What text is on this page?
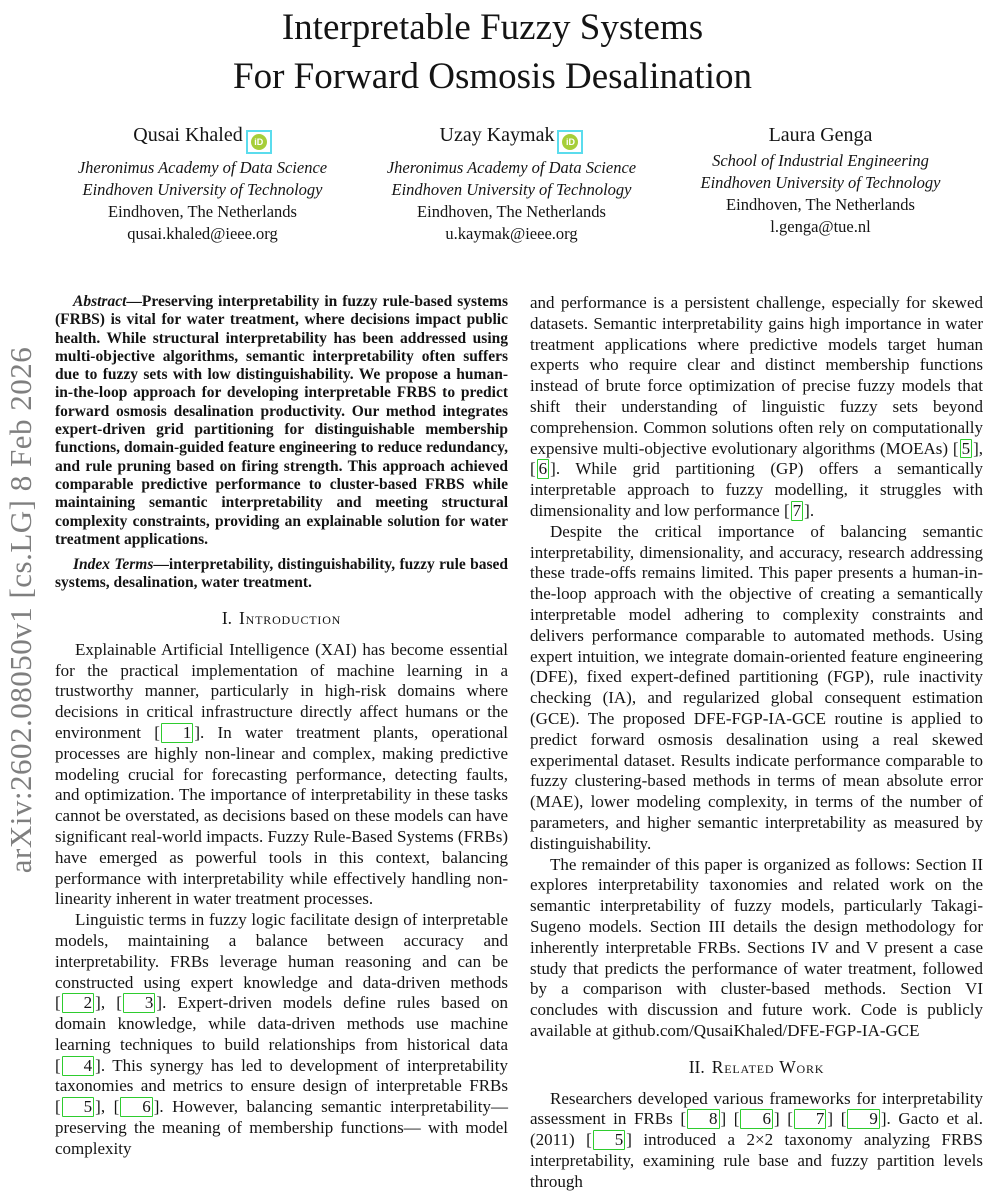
arXiv:2602.08050v1 [cs.LG] 8 Feb 2026
Interpretable Fuzzy Systems
For Forward Osmosis Desalination
Qusai Khaled iD
Jheronimus Academy of Data Science
Eindhoven University of Technology
Eindhoven, The Netherlands
qusai.khaled@ieee.org
Uzay Kaymak iD
Jheronimus Academy of Data Science
Eindhoven University of Technology
Eindhoven, The Netherlands
u.kaymak@ieee.org
Laura Genga
School of Industrial Engineering
Eindhoven University of Technology
Eindhoven, The Netherlands
l.genga@tue.nl

Abstract—Preserving interpretability in fuzzy rule-based systems (FRBS) is vital for water treatment, where decisions impact public health. While structural interpretability has been addressed using multi-objective algorithms, semantic interpretability often suffers due to fuzzy sets with low distinguishability. We propose a human-in-the-loop approach for developing interpretable FRBS to predict forward osmosis desalination productivity. Our method integrates expert-driven grid partitioning for distinguishable membership functions, domain-guided feature engineering to reduce redundancy, and rule pruning based on firing strength. This approach achieved comparable predictive performance to cluster-based FRBS while maintaining semantic interpretability and meeting structural complexity constraints, providing an explainable solution for water treatment applications.

Index Terms—interpretability, distinguishability, fuzzy rule based systems, desalination, water treatment.

I. Introduction

Explainable Artificial Intelligence (XAI) has become essential for the practical implementation of machine learning in a trustworthy manner, particularly in high-risk domains where decisions in critical infrastructure directly affect humans or the environment [ 1 ]. In water treatment plants, operational processes are highly non-linear and complex, making predictive modeling crucial for forecasting performance, detecting faults, and optimization. The importance of interpretability in these tasks cannot be overstated, as decisions based on these models can have significant real-world impacts. Fuzzy Rule-Based Systems (FRBs) have emerged as powerful tools in this context, balancing performance with interpretability while effectively handling non-linearity inherent in water treatment processes.

Linguistic terms in fuzzy logic facilitate design of interpretable models, maintaining a balance between accuracy and interpretability. FRBs leverage human reasoning and can be constructed using expert knowledge and data-driven methods [ 2 ], [ 3 ]. Expert-driven models define rules based on domain knowledge, while data-driven methods use machine learning techniques to build relationships from historical data [ 4 ]. This synergy has led to development of interpretability taxonomies and metrics to ensure design of interpretable FRBs [ 5 ], [ 6 ]. However, balancing semantic interpretability—preserving the meaning of membership functions— with model complexity

and performance is a persistent challenge, especially for skewed datasets. Semantic interpretability gains high importance in water treatment applications where predictive models target human experts who require clear and distinct membership functions instead of brute force optimization of precise fuzzy models that shift their understanding of linguistic fuzzy sets beyond comprehension. Common solutions often rely on computationally expensive multi-objective evolutionary algorithms (MOEAs) [ 5 ], [ 6 ]. While grid partitioning (GP) offers a semantically interpretable approach to fuzzy modelling, it struggles with dimensionality and low performance [ 7 ].

Despite the critical importance of balancing semantic interpretability, dimensionality, and accuracy, research addressing these trade-offs remains limited. This paper presents a human-in-the-loop approach with the objective of creating a semantically interpretable model adhering to complexity constraints and delivers performance comparable to automated methods. Using expert intuition, we integrate domain-oriented feature engineering (DFE), fixed expert-defined partitioning (FGP), rule inactivity checking (IA), and regularized global consequent estimation (GCE). The proposed DFE-FGP-IA-GCE routine is applied to predict forward osmosis desalination using a real skewed experimental dataset. Results indicate performance comparable to fuzzy clustering-based methods in terms of mean absolute error (MAE), lower modeling complexity, in terms of the number of parameters, and higher semantic interpretability as measured by distinguishability.

The remainder of this paper is organized as follows: Section II explores interpretability taxonomies and related work on the semantic interpretability of fuzzy models, particularly Takagi-Sugeno models. Section III details the design methodology for inherently interpretable FRBs. Sections IV and V present a case study that predicts the performance of water treatment, followed by a comparison with cluster-based methods. Section VI concludes with discussion and future work. Code is publicly available at github.com/QusaiKhaled/DFE-FGP-IA-GCE

II. Related Work

Researchers developed various frameworks for interpretability assessment in FRBs [ 8 ] [ 6 ] [ 7 ] [ 9 ]. Gacto et al. (2011) [ 5 ] introduced a 2×2 taxonomy analyzing FRBS interpretability, examining rule base and fuzzy partition levels through
